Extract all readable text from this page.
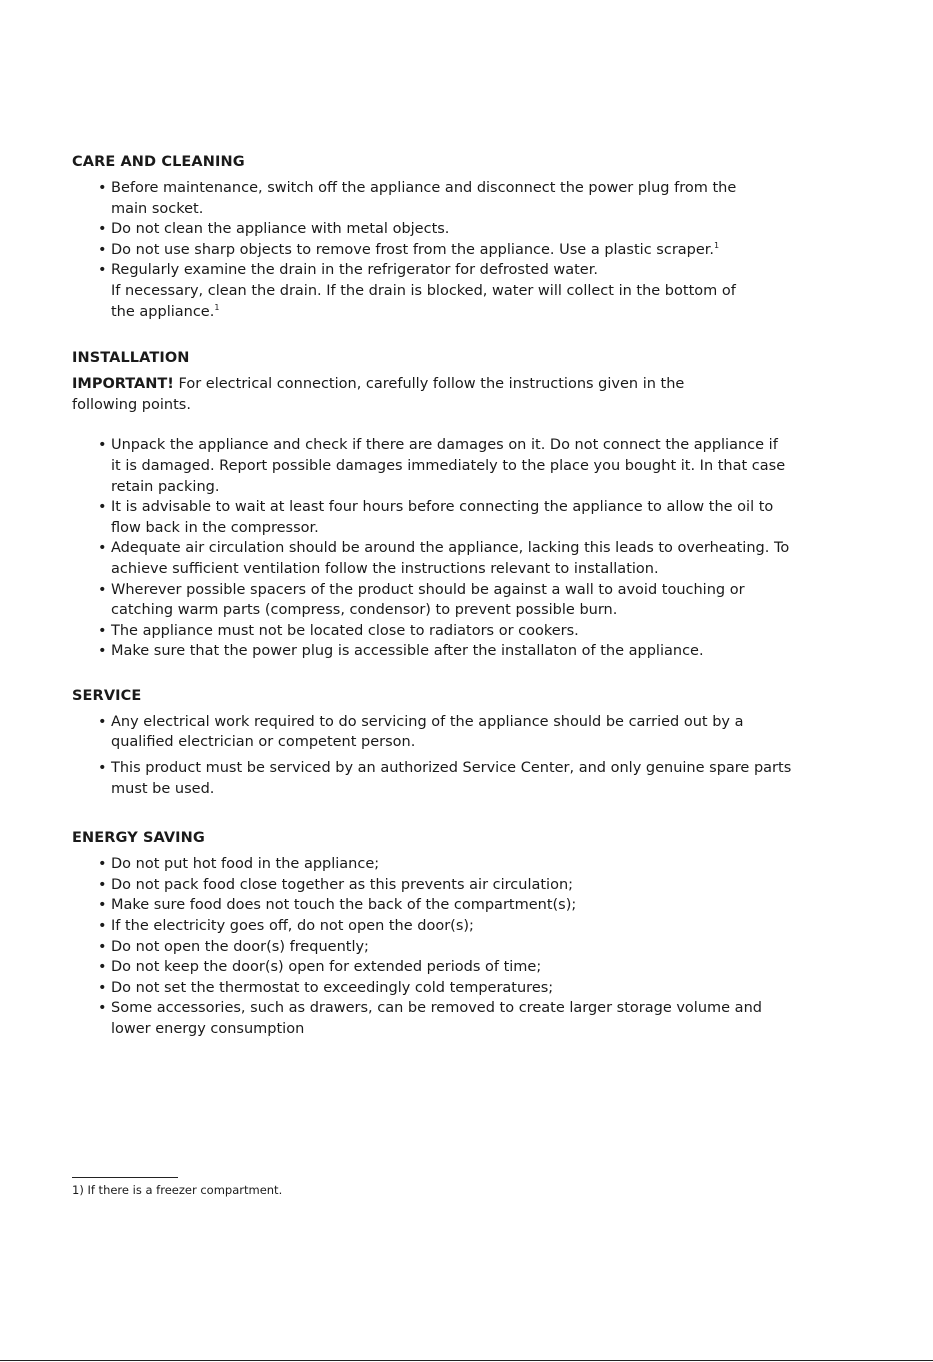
CARE AND CLEANING
• Before maintenance, switch off the appliance and disconnect the power plug from the
main socket.
• Do not clean the appliance with metal objects.
• Do not use sharp objects to remove frost from the appliance. Use a plastic scraper.$^1$
• Regularly examine the drain in the refrigerator for defrosted water.
If necessary, clean the drain. If the drain is blocked, water will collect in the bottom of
the appliance.$^1$
INSTALLATION

IMPORTANT! For electrical connection, carefully follow the instructions given in the
following points.

• Unpack the appliance and check if there are damages on it. Do not connect the appliance if
it is damaged. Report possible damages immediately to the place you bought it. In that case
retain packing.
• It is advisable to wait at least four hours before connecting the appliance to allow the oil to
flow back in the compressor.
• Adequate air circulation should be around the appliance, lacking this leads to overheating. To
achieve sufficient ventilation follow the instructions relevant to installation.
• Wherever possible spacers of the product should be against a wall to avoid touching or
catching warm parts (compress, condensor) to prevent possible burn.
• The appliance must not be located close to radiators or cookers.
• Make sure that the power plug is accessible after the installaton of the appliance.
SERVICE
• Any electrical work required to do servicing of the appliance should be carried out by a
qualified electrician or competent person.
• This product must be serviced by an authorized Service Center, and only genuine spare parts
must be used.
ENERGY SAVING
• Do not put hot food in the appliance;
• Do not pack food close together as this prevents air circulation;
• Make sure food does not touch the back of the compartment(s);
• If the electricity goes off, do not open the door(s);
• Do not open the door(s) frequently;
• Do not keep the door(s) open for extended periods of time;
• Do not set the thermostat to exceedingly cold temperatures;
• Some accessories, such as drawers, can be removed to create larger storage volume and
lower energy consumption
1) If there is a freezer compartment.
